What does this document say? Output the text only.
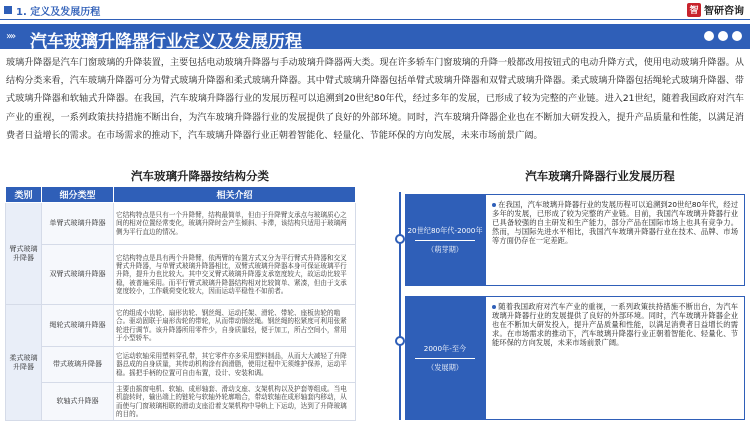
1. 定义及发展历程	智 智研咨询
»» 汽车玻璃升降器行业定义及发展历程
玻璃升降器是汽车门窗玻璃的升降装置，主要包括电动玻璃升降器与手动玻璃升降器两大类。现在许多轿车门窗玻璃的升降一般都改用按钮式的电动升降方式，使用电动玻璃升降器。从结构分类来看，汽车玻璃升降器可分为臂式玻璃升降器和柔式玻璃升降器。其中臂式玻璃升降器包括单臂式玻璃升降器和双臂式玻璃升降器。柔式玻璃升降器包括绳轮式玻璃升降器、带式玻璃升降器和软轴式升降器。在我国，汽车玻璃升降器行业的发展历程可以追溯到20世纪80年代，经过多年的发展，已形成了较为完整的产业链。进入21世纪，随着我国政府对汽车产业的重视，一系列政策扶持措施不断出台，为汽车玻璃升降器行业的发展提供了良好的外部环境。同时，汽车玻璃升降器企业也在不断加大研发投入，提升产品质量和性能，以满足消费者日益增长的需求。在市场需求的推动下，汽车玻璃升降器行业正朝着智能化、轻量化、节能环保的方向发展，未来市场前景广阔。
汽车玻璃升降器按结构分类
类别	细分类型	相关介绍
臂式玻璃升降器	单臂式玻璃升降器	它结构特点是只有一个升降臂，结构最简单，但由于升降臂支承点与玻璃质心之间的相对位置经常变化，玻璃升降时会产生倾斜、卡滞，该结构只适用于玻璃两侧为平行直边的情况。
	双臂式玻璃升降器	它结构特点是具有两个升降臂，依两臂的布置方式又分为平行臂式升降器和交叉臂式升降器，与单臂式玻璃升降器相比，双臂式玻璃升降器本身可保证玻璃平行升降，提升力也比较大。其中交叉臂式玻璃升降器支承宽度较大，故运动比较平稳，被普遍采用。而平行臂式玻璃升降器结构相对比较简单、紧凑，但由于支承宽度较小，工作载荷变化较大，因而运动平稳性不如前者。
柔式玻璃升降器	绳轮式玻璃升降器	它的组成小齿轮、扇形齿轮、钢丝绳、运动托架、滑轮、带轮、座板齿轮的啮合。驱动固联于扇形齿轮的带轮，从而带动钢丝绳。钢丝绳的松紧度可利用张紧轮进行调节。该升降器所用零件少，自身质量轻，便于加工，所占空间小，常用于小型轿车。
	带式玻璃升降器	它运动软轴采用塑料穿孔带，其它零件亦多采用塑料制品，从而大大减轻了升降器总成的自身质量，其传动机构涂有润滑脂，使用过程中无须维护保养，运动平稳。摇把手柄的位置可自由布置，设计、安装和调。
	软轴式升降器	主要由摇窗电机、软轴、成形轴套、滑动支座、支架机构以及护套等组成。当电机旋转时，输出端上的链轮与软轴外轮廓啮合，带动软轴在成形轴套内移动，从而使与门窗玻璃相联的滑动支座沿着支架机构中导轨上下运动，达到了升降玻璃的目的。
汽车玻璃升降器行业发展历程
20世纪80年代-2000年
（萌芽期）
在我国，汽车玻璃升降器行业的发展历程可以追溯到20世纪80年代，经过多年的发展，已形成了较为完整的产业链。目前，我国汽车玻璃升降器行业已具备较强的自主研发和生产能力，部分产品在国际市场上也具有竞争力。然而，与国际先进水平相比，我国汽车玻璃升降器行业在技术、品牌、市场等方面仍存在一定差距。
2000年-至今
（发展期）
随着我国政府对汽车产业的重视，一系列政策扶持措施不断出台，为汽车玻璃升降器行业的发展提供了良好的外部环境。同时，汽车玻璃升降器企业也在不断加大研发投入，提升产品质量和性能，以满足消费者日益增长的需求。在市场需求的推动下，汽车玻璃升降器行业正朝着智能化、轻量化、节能环保的方向发展，未来市场前景广阔。
